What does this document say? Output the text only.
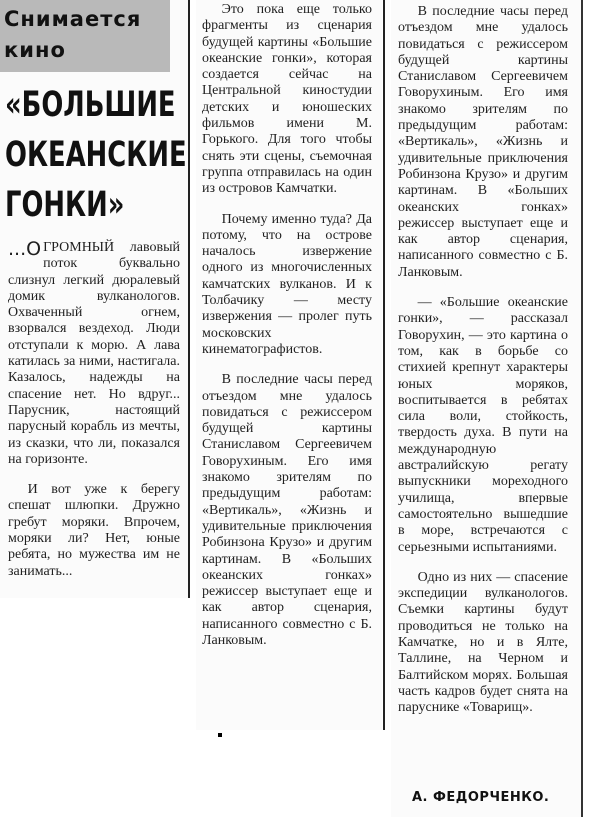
Снимается
кино
«БОЛЬШИЕ
ОКЕАНСКИЕ
ГОНКИ»

...О ГРОМНЫЙ лавовый поток буквально слизнул легкий дюралевый домик вулканологов. Охваченный огнем, взорвался вездеход. Люди отступали к морю. А лава катилась за ними, настигала. Казалось, надежды на спасение нет. Но вдруг... Парусник, настоящий парусный корабль из мечты, из сказки, что ли, показался на горизонте.

И вот уже к берегу спешат шлюпки. Дружно гребут моряки. Впрочем, моряки ли? Нет, юные ребята, но мужества им не занимать...

Это пока еще только фрагменты из сценария будущей картины «Большие океанские гонки», которая создается сейчас на Центральной киностудии детских и юношеских фильмов имени М. Горького. Для того чтобы снять эти сцены, съемочная группа отправилась на один из островов Камчатки.

Почему именно туда? Да потому, что на острове началось извержение одного из многочисленных камчатских вулканов. И к Толбачику — месту извержения — пролег путь московских кинематографистов.

В последние часы перед отъездом мне удалось повидаться с режиссером будущей картины Станиславом Сергеевичем Говорухиным. Его имя знакомо зрителям по предыдущим работам: «Вертикаль», «Жизнь и удивительные приключения Робинзона Крузо» и другим картинам. В «Больших океанских гонках» режиссер выступает еще и как автор сценария, написанного совместно с Б. Ланковым.

В последние часы перед отъездом мне удалось повидаться с режиссером будущей картины Станиславом Сергеевичем Говорухиным. Его имя знакомо зрителям по предыдущим работам: «Вертикаль», «Жизнь и удивительные приключения Робинзона Крузо» и другим картинам. В «Больших океанских гонках» режиссер выступает еще и как автор сценария, написанного совместно с Б. Ланковым.

— «Большие океанские гонки», — рассказал Говорухин, — это картина о том, как в борьбе со стихией крепнут характеры юных моряков, воспитывается в ребятах сила воли, стойкость, твердость духа. В пути на международную австралийскую регату выпускники мореходного училища, впервые самостоятельно вышедшие в море, встречаются с серьезными испытаниями.

Одно из них — спасение экспедиции вулканологов. Съемки картины будут проводиться не только на Камчатке, но и в Ялте, Таллине, на Черном и Балтийском морях. Большая часть кадров будет снята на паруснике «Товарищ».

А. ФЕДОРЧЕНКО.
